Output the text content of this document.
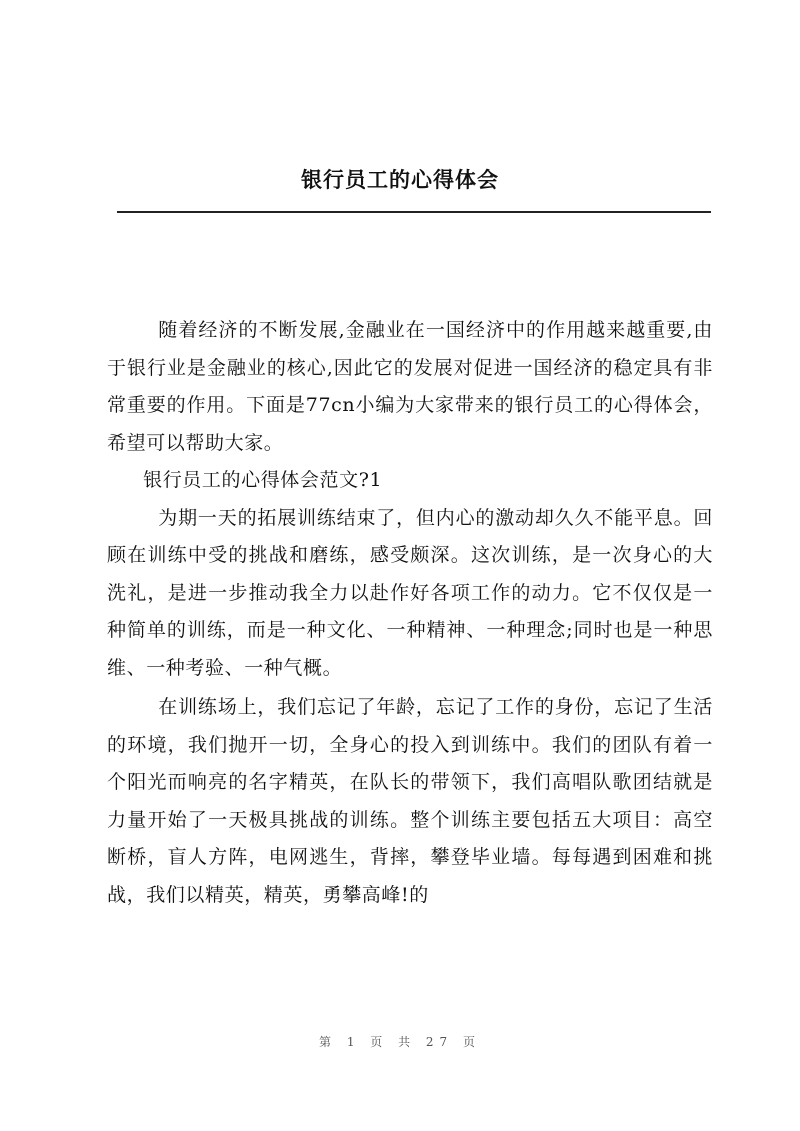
银行员工的心得体会

随着经济的不断发展,金融业在一国经济中的作用越来越重要,由于银行业是金融业的核心,因此它的发展对促进一国经济的稳定具有非常重要的作用。下面是77cn小编为大家带来的银行员工的心得体会，希望可以帮助大家。

银行员工的心得体会范文?1

为期一天的拓展训练结束了，但内心的激动却久久不能平息。回顾在训练中受的挑战和磨练，感受颇深。这次训练，是一次身心的大洗礼，是进一步推动我全力以赴作好各项工作的动力。它不仅仅是一种简单的训练，而是一种文化、一种精神、一种理念;同时也是一种思维、一种考验、一种气概。

在训练场上，我们忘记了年龄，忘记了工作的身份，忘记了生活的环境，我们抛开一切，全身心的投入到训练中。我们的团队有着一个阳光而响亮的名字精英，在队长的带领下，我们高唱队歌团结就是力量开始了一天极具挑战的训练。整个训练主要包括五大项目：高空断桥，盲人方阵，电网逃生，背摔，攀登毕业墙。每每遇到困难和挑战，我们以精英，精英，勇攀高峰!的

第 1 页 共 27 页
